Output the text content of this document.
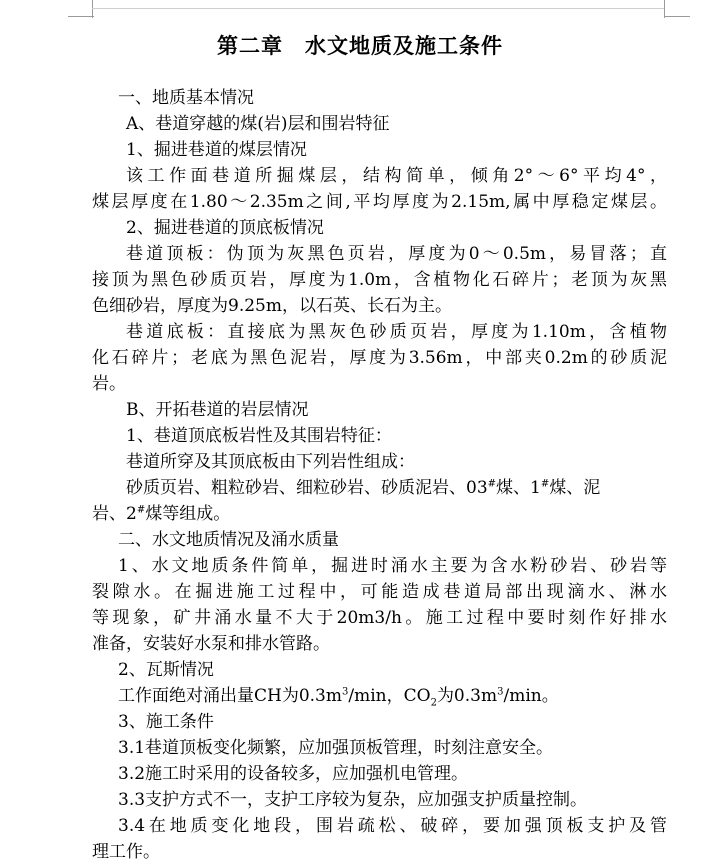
第二章　水文地质及施工条件

一、地质基本情况

A、巷道穿越的煤(岩)层和围岩特征

1、掘进巷道的煤层情况

该工作面巷道所掘煤层，结构简单，倾角2°～6°平均4°，

煤层厚度在1.80～2.35m之间,平均厚度为2.15m,属中厚稳定煤层。

2、掘进巷道的顶底板情况

巷道顶板：伪顶为灰黑色页岩，厚度为0～0.5m，易冒落；直

接顶为黑色砂质页岩，厚度为1.0m，含植物化石碎片；老顶为灰黑

色细砂岩，厚度为9.25m，以石英、长石为主。

巷道底板：直接底为黑灰色砂质页岩，厚度为1.10m，含植物

化石碎片；老底为黑色泥岩，厚度为3.56m，中部夹0.2m的砂质泥

岩。

B、开拓巷道的岩层情况

1、巷道顶底板岩性及其围岩特征：

巷道所穿及其顶底板由下列岩性组成：

砂质页岩、粗粒砂岩、细粒砂岩、砂质泥岩、03#煤、1#煤、泥

岩、2#煤等组成。

二、水文地质情况及涌水质量

1、水文地质条件简单，掘进时涌水主要为含水粉砂岩、砂岩等

裂隙水。在掘进施工过程中，可能造成巷道局部出现滴水、淋水

等现象，矿井涌水量不大于20m3/h。施工过程中要时刻作好排水

准备，安装好水泵和排水管路。

2、瓦斯情况

工作面绝对涌出量CH为$0.3m^3/\min$，$CO_2$为$0.3m^3/\min$。

3、施工条件

3.1巷道顶板变化频繁，应加强顶板管理，时刻注意安全。

3.2施工时采用的设备较多，应加强机电管理。

3.3支护方式不一，支护工序较为复杂，应加强支护质量控制。

3.4在地质变化地段，围岩疏松、破碎，要加强顶板支护及管

理工作。
